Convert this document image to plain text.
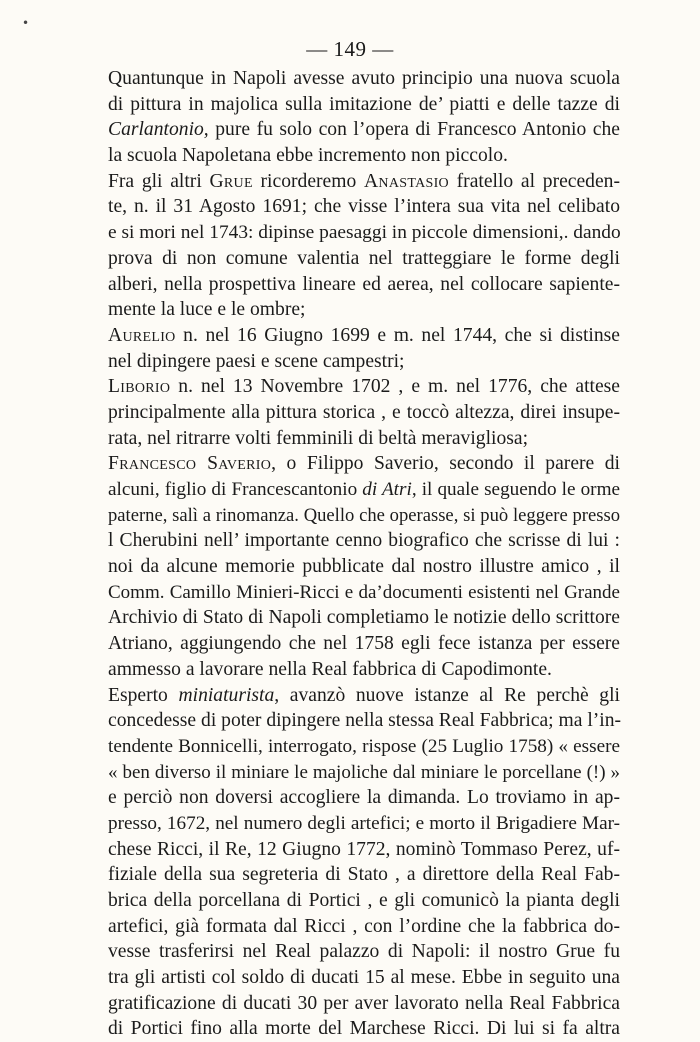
•
— 149 —
Quantunque in Napoli avesse avuto principio una nuova scuola
di pittura in majolica sulla imitazione de’ piatti e delle tazze di
Carlantonio, pure fu solo con l’opera di Francesco Antonio che
la scuola Napoletana ebbe incremento non piccolo.
Fra gli altri Grue ricorderemo Anastasio fratello al preceden-
te, n. il 31 Agosto 1691; che visse l’intera sua vita nel celibato
e si mori nel 1743: dipinse paesaggi in piccole dimensioni,. dando
prova di non comune valentia nel tratteggiare le forme degli
alberi, nella prospettiva lineare ed aerea, nel collocare sapiente-
mente la luce e le ombre;
Aurelio n. nel 16 Giugno 1699 e m. nel 1744, che si distinse
nel dipingere paesi e scene campestri;
Liborio n. nel 13 Novembre 1702 , e m. nel 1776, che attese
principalmente alla pittura storica , e toccò altezza, direi insupe-
rata, nel ritrarre volti femminili di beltà meravigliosa;
Francesco Saverio, o Filippo Saverio, secondo il parere di
alcuni, figlio di Francescantonio di Atri, il quale seguendo le orme
paterne, salì a rinomanza. Quello che operasse, si può leggere presso
l Cherubini nell’ importante cenno biografico che scrisse di lui :
noi da alcune memorie pubblicate dal nostro illustre amico , il
Comm. Camillo Minieri-Ricci e da’documenti esistenti nel Grande
Archivio di Stato di Napoli completiamo le notizie dello scrittore
Atriano, aggiungendo che nel 1758 egli fece istanza per essere
ammesso a lavorare nella Real fabbrica di Capodimonte.
Esperto miniaturista, avanzò nuove istanze al Re perchè gli
concedesse di poter dipingere nella stessa Real Fabbrica; ma l’in-
tendente Bonnicelli, interrogato, rispose (25 Luglio 1758) « essere
« ben diverso il miniare le majoliche dal miniare le porcellane (!) »
e perciò non doversi accogliere la dimanda. Lo troviamo in ap-
presso, 1672, nel numero degli artefici; e morto il Brigadiere Mar-
chese Ricci, il Re, 12 Giugno 1772, nominò Tommaso Perez, uf-
fiziale della sua segreteria di Stato , a direttore della Real Fab-
brica della porcellana di Portici , e gli comunicò la pianta degli
artefici, già formata dal Ricci , con l’ordine che la fabbrica do-
vesse trasferirsi nel Real palazzo di Napoli: il nostro Grue fu
tra gli artisti col soldo di ducati 15 al mese. Ebbe in seguito una
gratificazione di ducati 30 per aver lavorato nella Real Fabbrica
di Portici fino alla morte del Marchese Ricci. Di lui si fa altra
